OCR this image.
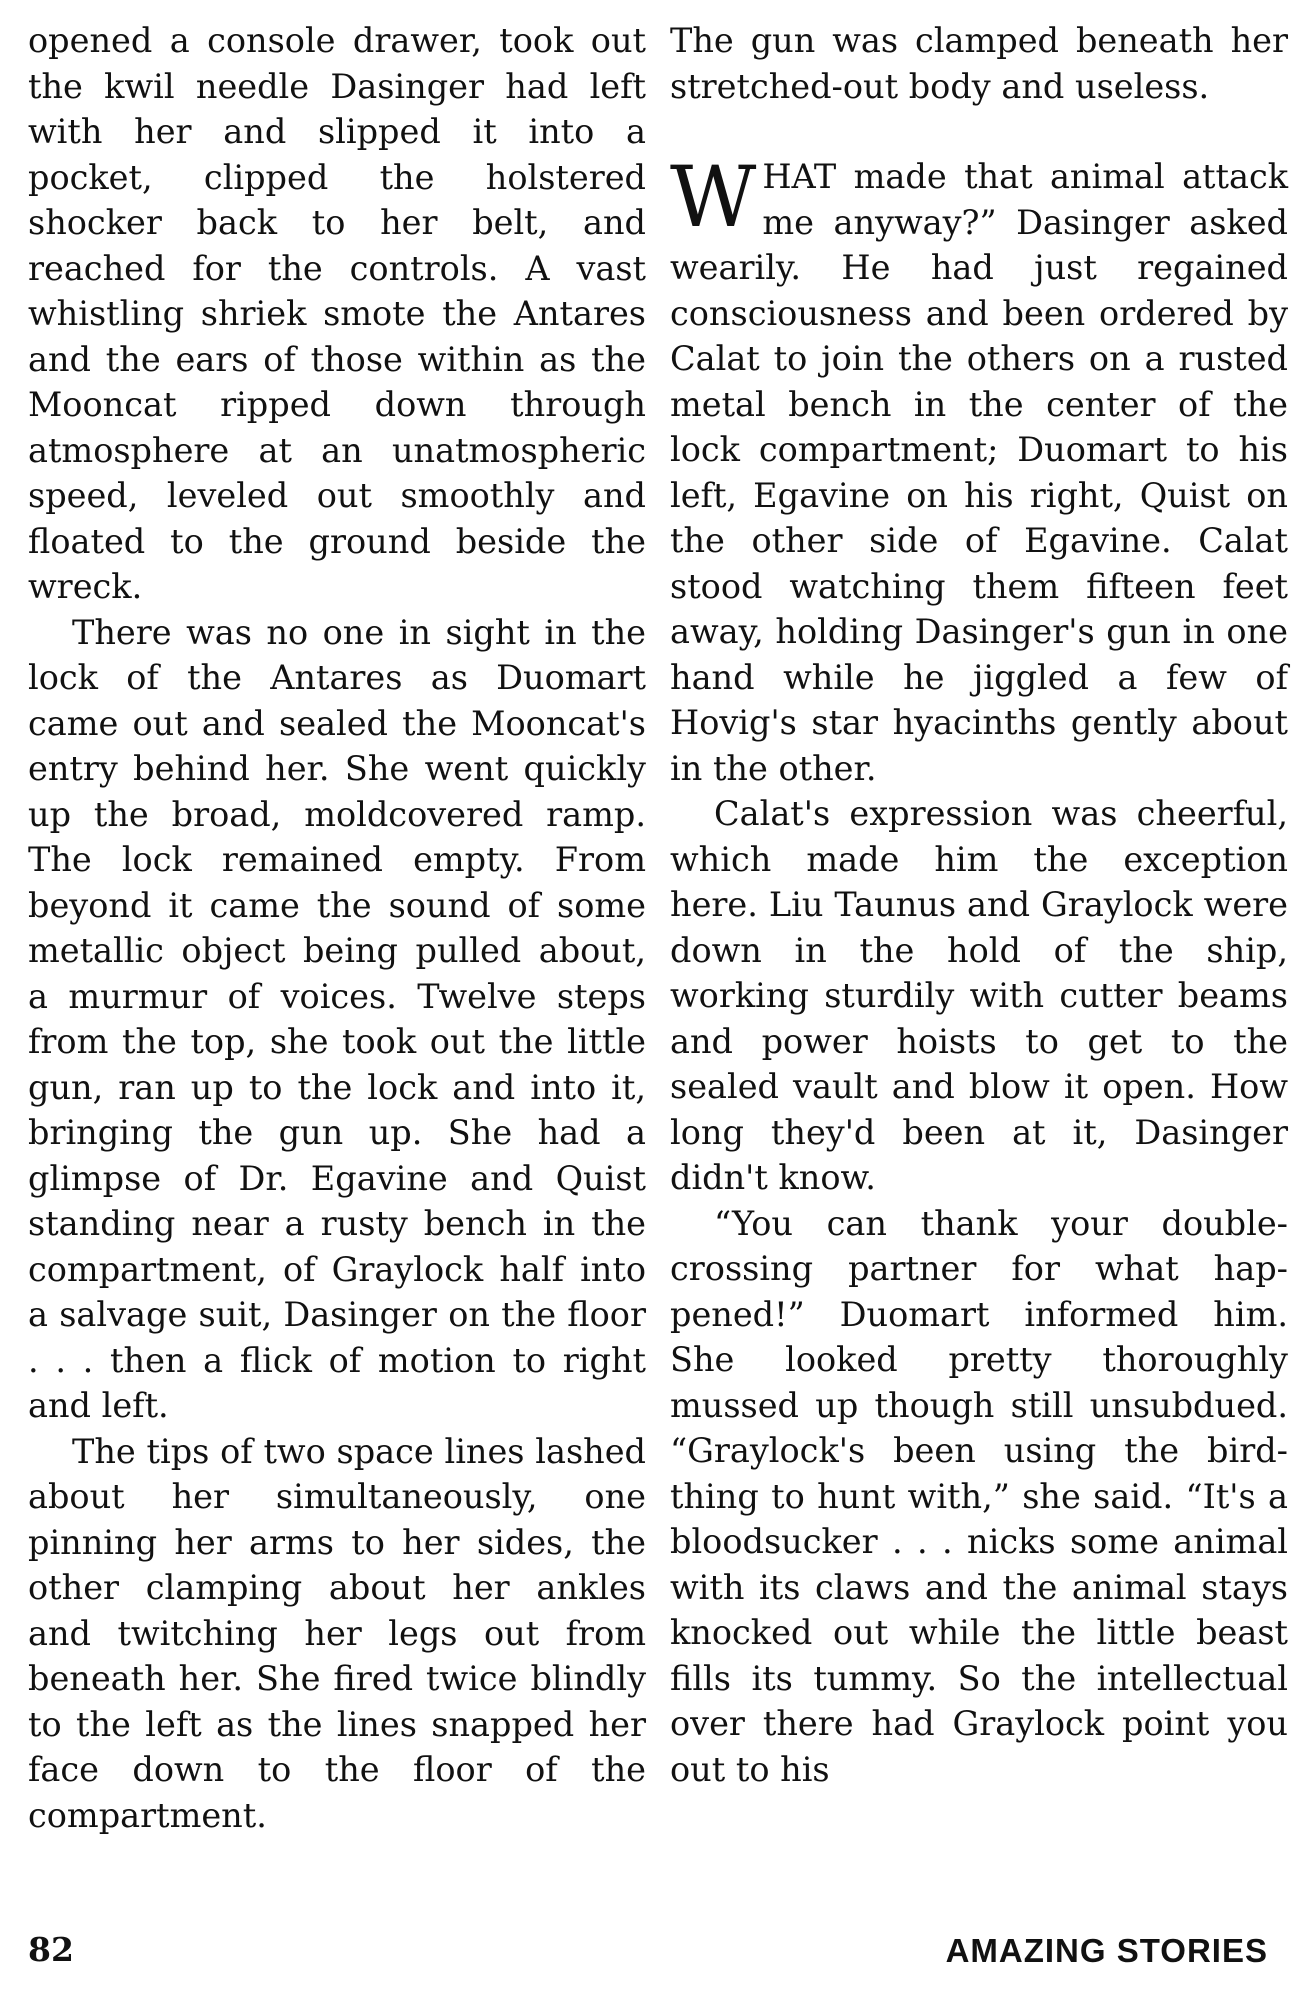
opened a console drawer, took out the kwil needle Dasinger had left with her and slipped it into a pocket, clipped the holstered shocker back to her belt, and reached for the controls. A vast whistling shriek smote the Antares and the ears of those within as the Mooncat ripped down through atmosphere at an unatmospheric speed, leveled out smoothly and floated to the ground beside the wreck.

There was no one in sight in the lock of the Antares as Duomart came out and sealed the Mooncat's entry behind her. She went quickly up the broad, moldcovered ramp. The lock remained empty. From beyond it came the sound of some metallic object being pulled about, a murmur of voices. Twelve steps from the top, she took out the little gun, ran up to the lock and into it, bringing the gun up. She had a glimpse of Dr. Egavine and Quist standing near a rusty bench in the compartment, of Graylock half into a salvage suit, Dasinger on the floor . . . then a flick of motion to right and left.

The tips of two space lines lashed about her simultaneously, one pinning her arms to her sides, the other clamping about her ankles and twitching her legs out from beneath her. She fired twice blindly to the left as the lines snapped her face down to the floor of the compartment.

The gun was clamped beneath her stretched-out body and useless.

WHAT made that animal attack me anyway?” Dasinger asked wearily. He had just regained consciousness and been ordered by Calat to join the others on a rusted metal bench in the center of the lock compartment; Duomart to his left, Egavine on his right, Quist on the other side of Egavine. Calat stood watching them fifteen feet away, holding Dasinger's gun in one hand while he jiggled a few of Hovig's star hyacinths gently about in the other.

Calat's expression was cheerful, which made him the exception here. Liu Taunus and Graylock were down in the hold of the ship, working sturdily with cutter beams and power hoists to get to the sealed vault and blow it open. How long they'd been at it, Dasinger didn't know.

“You can thank your doublecrossing partner for what happened!” Duomart informed him. She looked pretty thoroughly mussed up though still unsubdued. “Graylock's been using the bird-thing to hunt with,” she said. “It's a bloodsucker . . . nicks some animal with its claws and the animal stays knocked out while the little beast fills its tummy. So the intellectual over there had Graylock point you out to his

82	AMAZING STORIES
